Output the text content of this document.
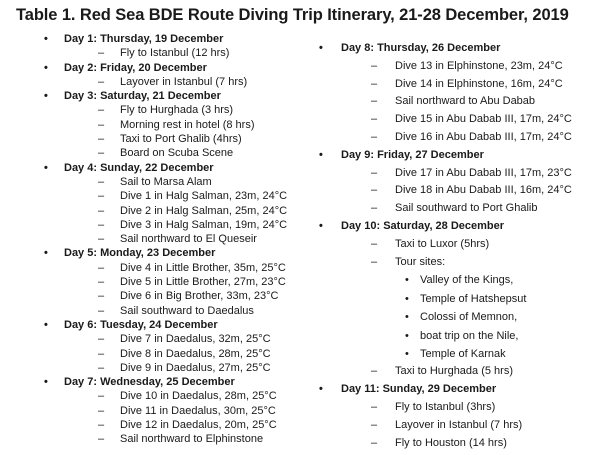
Table 1. Red Sea BDE Route Diving Trip Itinerary, 21-28 December, 2019
• Day 1: Thursday, 19 December
– Fly to Istanbul (12 hrs)
• Day 2: Friday, 20 December
– Layover in Istanbul (7 hrs)
• Day 3: Saturday, 21 December
– Fly to Hurghada (3 hrs)
– Morning rest in hotel (8 hrs)
– Taxi to Port Ghalib (4hrs)
– Board on Scuba Scene
• Day 4: Sunday, 22 December
– Sail to Marsa Alam
– Dive 1 in Halg Salman, 23m, 24°C
– Dive 2 in Halg Salman, 25m, 24°C
– Dive 3 in Halg Salman, 19m, 24°C
– Sail northward to El Queseir
• Day 5: Monday, 23 December
– Dive 4 in Little Brother, 35m, 25°C
– Dive 5 in Little Brother, 27m, 23°C
– Dive 6 in Big Brother, 33m, 23°C
– Sail southward to Daedalus
• Day 6: Tuesday, 24 December
– Dive 7 in Daedalus, 32m, 25°C
– Dive 8 in Daedalus, 28m, 25°C
– Dive 9 in Daedalus, 27m, 25°C
• Day 7: Wednesday, 25 December
– Dive 10 in Daedalus, 28m, 25°C
– Dive 11 in Daedalus, 30m, 25°C
– Dive 12 in Daedalus, 20m, 25°C
– Sail northward to Elphinstone
• Day 8: Thursday, 26 December
– Dive 13 in Elphinstone, 23m, 24°C
– Dive 14 in Elphinstone, 16m, 24°C
– Sail northward to Abu Dabab
– Dive 15 in Abu Dabab III, 17m, 24°C
– Dive 16 in Abu Dabab III, 17m, 24°C
• Day 9: Friday, 27 December
– Dive 17 in Abu Dabab III, 17m, 23°C
– Dive 18 in Abu Dabab III, 16m, 24°C
– Sail southward to Port Ghalib
• Day 10: Saturday, 28 December
– Taxi to Luxor (5hrs)
– Tour sites:
• Valley of the Kings,
• Temple of Hatshepsut
• Colossi of Memnon,
• boat trip on the Nile,
• Temple of Karnak
– Taxi to Hurghada (5 hrs)
• Day 11: Sunday, 29 December
– Fly to Istanbul (3hrs)
– Layover in Istanbul (7 hrs)
– Fly to Houston (14 hrs)
